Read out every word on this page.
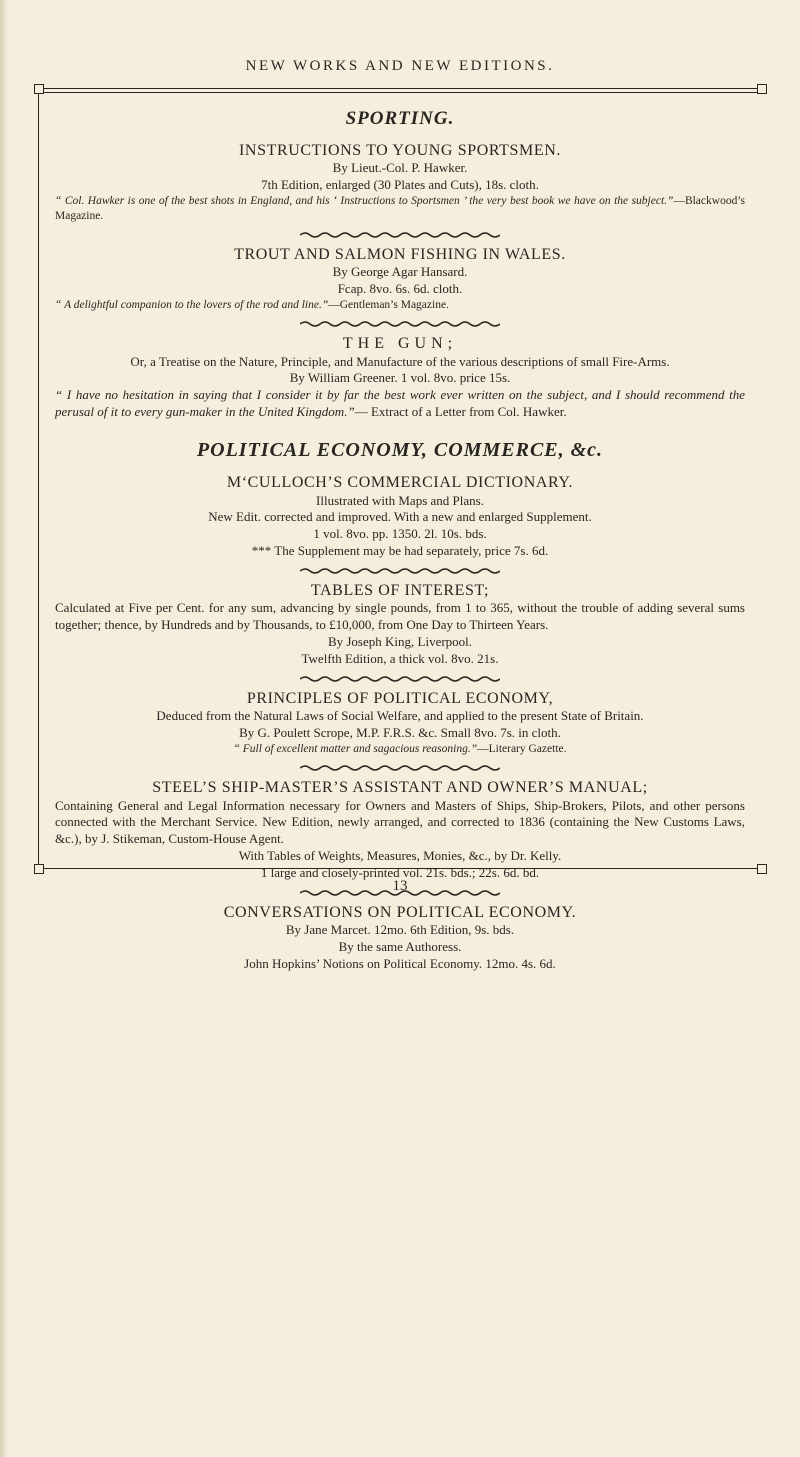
NEW WORKS AND NEW EDITIONS.
SPORTING.
INSTRUCTIONS TO YOUNG SPORTSMEN.
By Lieut.-Col. P. Hawker.
7th Edition, enlarged (30 Plates and Cuts), 18s. cloth.
“ Col. Hawker is one of the best shots in England, and his ‘ Instructions to Sportsmen ’ the very best book we have on the subject.”—Blackwood’s Magazine.
TROUT AND SALMON FISHING IN WALES.
By George Agar Hansard.
Fcap. 8vo. 6s. 6d. cloth.
“ A delightful companion to the lovers of the rod and line.”—Gentleman’s Magazine.
THE GUN;
Or, a Treatise on the Nature, Principle, and Manufacture of the various descriptions of small Fire-Arms.
By William Greener. 1 vol. 8vo. price 15s.
“ I have no hesitation in saying that I consider it by far the best work ever written on the subject, and I should recommend the perusal of it to every gun-maker in the United Kingdom.”— Extract of a Letter from Col. Hawker.
POLITICAL ECONOMY, COMMERCE, &c.
M‘CULLOCH’S COMMERCIAL DICTIONARY.
Illustrated with Maps and Plans.
New Edit. corrected and improved. With a new and enlarged Supplement.
1 vol. 8vo. pp. 1350. 2l. 10s. bds.
*** The Supplement may be had separately, price 7s. 6d.
TABLES OF INTEREST;
Calculated at Five per Cent. for any sum, advancing by single pounds, from 1 to 365, without the trouble of adding several sums together; thence, by Hundreds and by Thousands, to £10,000, from One Day to Thirteen Years.
By Joseph King, Liverpool.
Twelfth Edition, a thick vol. 8vo. 21s.
PRINCIPLES OF POLITICAL ECONOMY,
Deduced from the Natural Laws of Social Welfare, and applied to the present State of Britain.
By G. Poulett Scrope, M.P. F.R.S. &c. Small 8vo. 7s. in cloth.
“ Full of excellent matter and sagacious reasoning.”—Literary Gazette.
STEEL’S SHIP-MASTER’S ASSISTANT AND OWNER’S MANUAL;
Containing General and Legal Information necessary for Owners and Masters of Ships, Ship-Brokers, Pilots, and other persons connected with the Merchant Service. New Edition, newly arranged, and corrected to 1836 (containing the New Customs Laws, &c.), by J. Stikeman, Custom-House Agent.
With Tables of Weights, Measures, Monies, &c., by Dr. Kelly.
1 large and closely-printed vol. 21s. bds.; 22s. 6d. bd.
CONVERSATIONS ON POLITICAL ECONOMY.
By Jane Marcet. 12mo. 6th Edition, 9s. bds.
By the same Authoress.
John Hopkins’ Notions on Political Economy. 12mo. 4s. 6d.
13
